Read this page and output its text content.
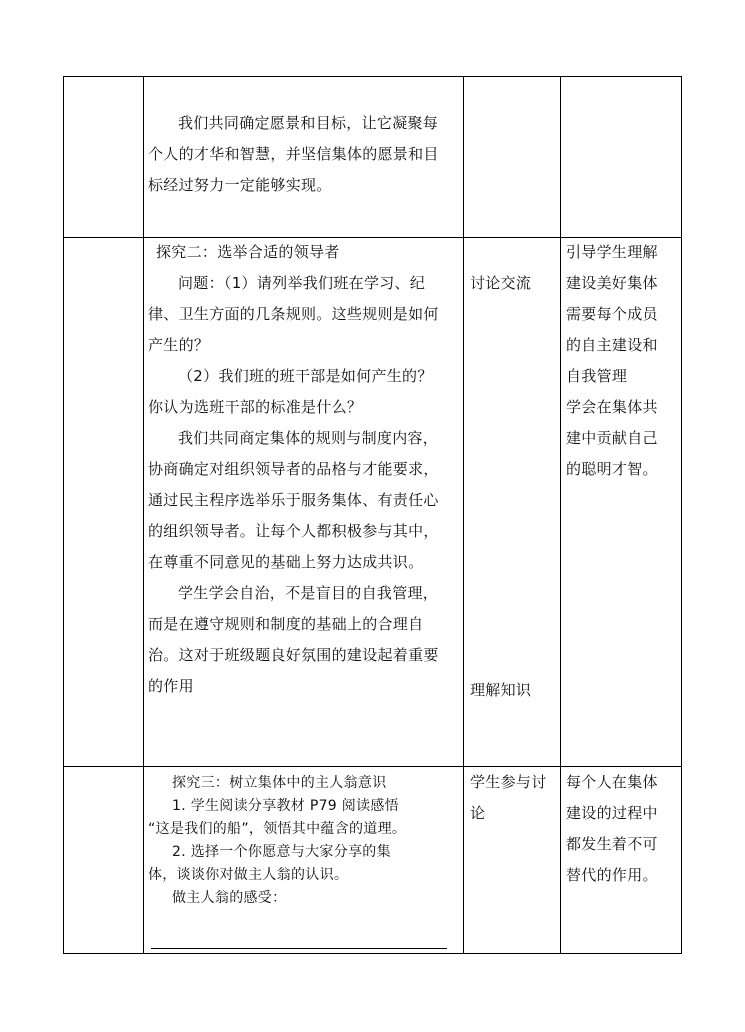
我们共同确定愿景和目标，让它凝聚每
个人的才华和智慧，并坚信集体的愿景和目
标经过努力一定能够实现。
探究二：选举合适的领导者
问题：（1）请列举我们班在学习、纪
律、卫生方面的几条规则。这些规则是如何
产生的？
（2）我们班的班干部是如何产生的？
你认为选班干部的标准是什么？
我们共同商定集体的规则与制度内容，
协商确定对组织领导者的品格与才能要求，
通过民主程序选举乐于服务集体、有责任心
的组织领导者。让每个人都积极参与其中，
在尊重不同意见的基础上努力达成共识。
学生学会自治，不是盲目的自我管理，
而是在遵守规则和制度的基础上的合理自
治。这对于班级题良好氛围的建设起着重要
的作用
讨论交流
理解知识
引导学生理解
建设美好集体
需要每个成员
的自主建设和
自我管理
学会在集体共
建中贡献自己
的聪明才智。
探究三：树立集体中的主人翁意识
1. 学生阅读分享教材 P79 阅读感悟
“这是我们的船”，领悟其中蕴含的道理。
2. 选择一个你愿意与大家分享的集
体，谈谈你对做主人翁的认识。
做主人翁的感受：
学生参与讨
论
每个人在集体
建设的过程中
都发生着不可
替代的作用。
